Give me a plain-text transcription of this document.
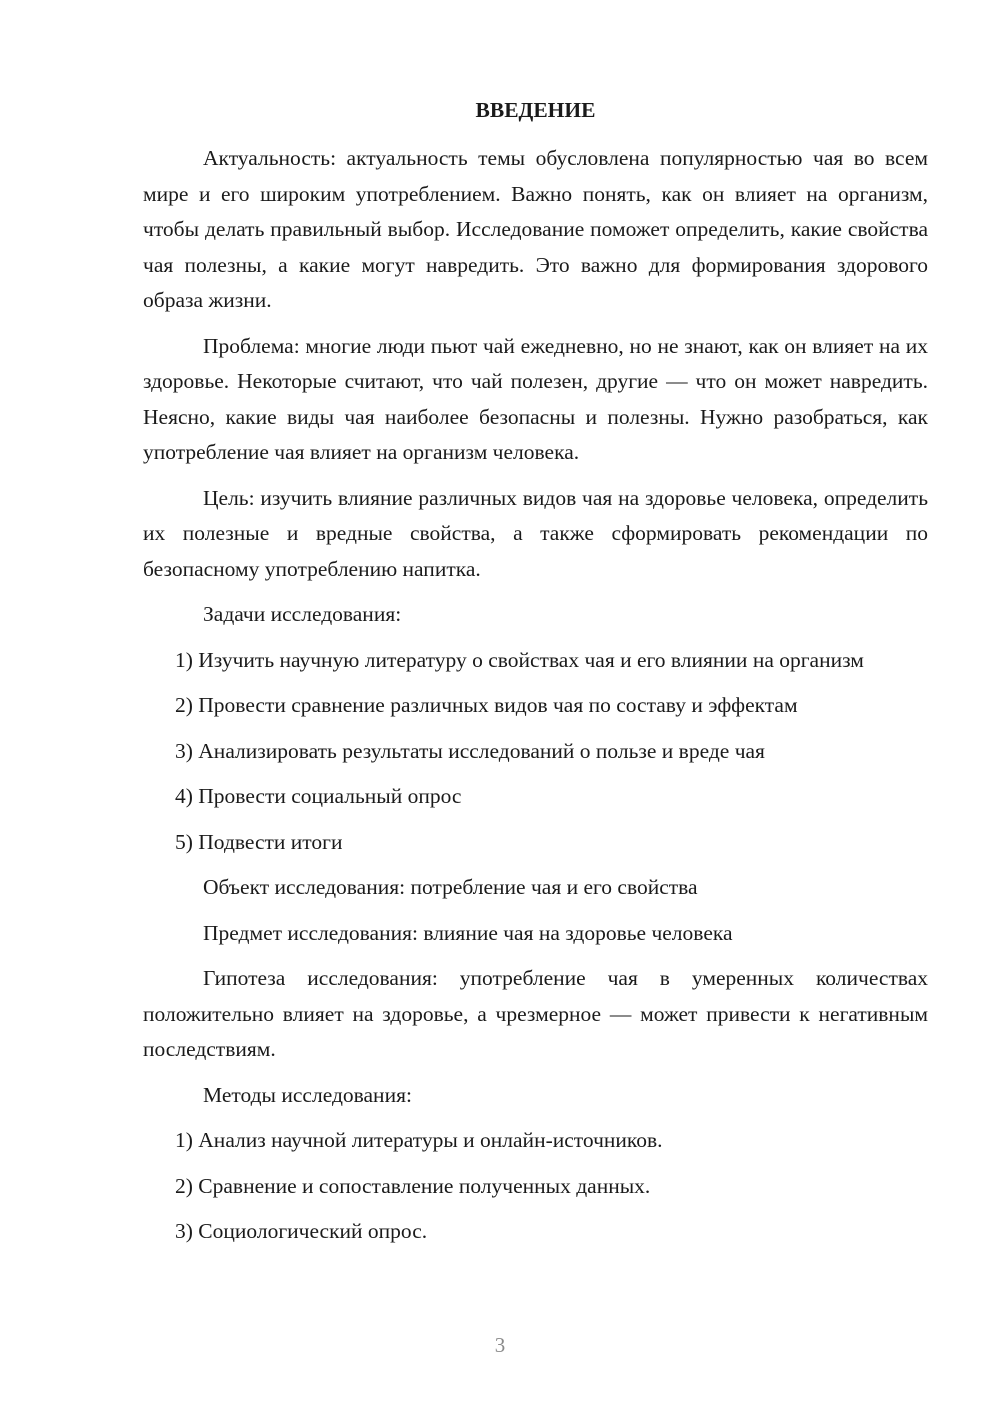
ВВЕДЕНИЕ

Актуальность: актуальность темы обусловлена популярностью чая во всем мире и его широким употреблением. Важно понять, как он влияет на организм, чтобы делать правильный выбор. Исследование поможет определить, какие свойства чая полезны, а какие могут навредить. Это важно для формирования здорового образа жизни.

Проблема: многие люди пьют чай ежедневно, но не знают, как он влияет на их здоровье. Некоторые считают, что чай полезен, другие — что он может навредить. Неясно, какие виды чая наиболее безопасны и полезны. Нужно разобраться, как употребление чая влияет на организм человека.

Цель: изучить влияние различных видов чая на здоровье человека, определить их полезные и вредные свойства, а также сформировать рекомендации по безопасному употреблению напитка.

Задачи исследования:

1) Изучить научную литературу о свойствах чая и его влиянии на организм

2) Провести сравнение различных видов чая по составу и эффектам

3) Анализировать результаты исследований о пользе и вреде чая

4) Провести социальный опрос

5) Подвести итоги

Объект исследования: потребление чая и его свойства

Предмет исследования: влияние чая на здоровье человека

Гипотеза исследования: употребление чая в умеренных количествах положительно влияет на здоровье, а чрезмерное — может привести к негативным последствиям.

Методы исследования:

1) Анализ научной литературы и онлайн-источников.

2) Сравнение и сопоставление полученных данных.

3) Социологический опрос.

3
